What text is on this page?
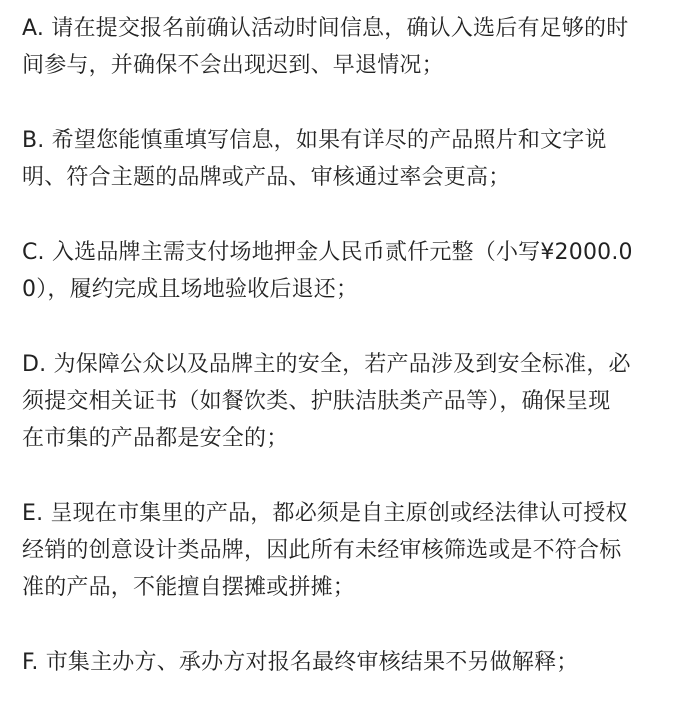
A. 请在提交报名前确认活动时间信息，确认入选后有足够的时
间参与，并确保不会出现迟到、早退情况；

B. 希望您能慎重填写信息，如果有详尽的产品照片和文字说
明、符合主题的品牌或产品、审核通过率会更高；

C. 入选品牌主需支付场地押金人民币贰仟元整（小写¥2000.0
0），履约完成且场地验收后退还；

D. 为保障公众以及品牌主的安全，若产品涉及到安全标准，必
须提交相关证书（如餐饮类、护肤洁肤类产品等），确保呈现
在市集的产品都是安全的；

E. 呈现在市集里的产品，都必须是自主原创或经法律认可授权
经销的创意设计类品牌，因此所有未经审核筛选或是不符合标
准的产品，不能擅自摆摊或拼摊；

F. 市集主办方、承办方对报名最终审核结果不另做解释；
